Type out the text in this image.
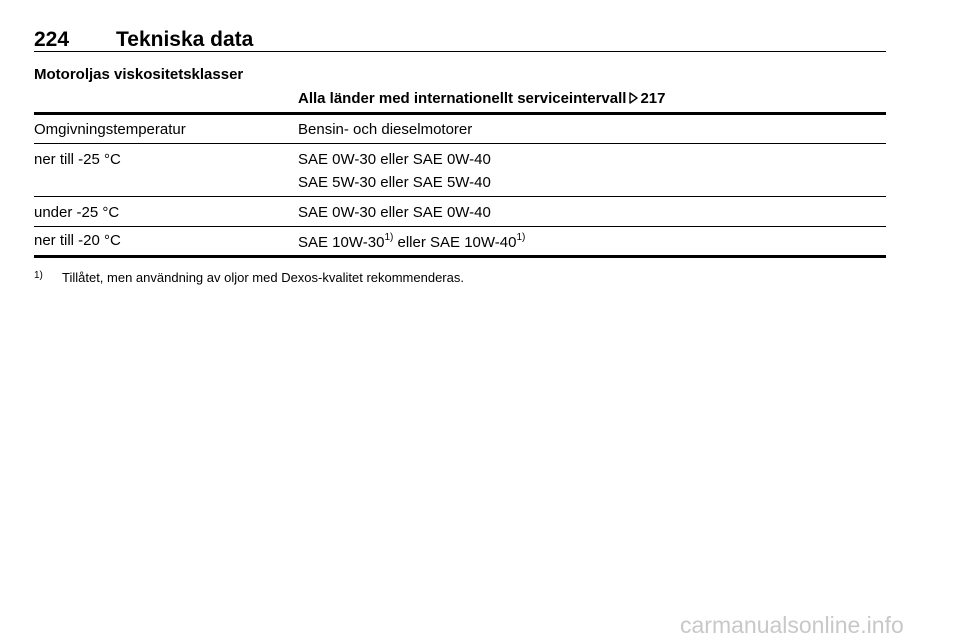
224 Tekniska data
Motoroljas viskositetsklasser
Alla länder med internationellt serviceintervall 217
Omgivningstemperatur	Bensin- och dieselmotorer
ner till -25 °C	SAE 0W-30 eller SAE 0W-40
SAE 5W-30 eller SAE 5W-40
under -25 °C	SAE 0W-30 eller SAE 0W-40
ner till -20 °C	SAE 10W-30$^{1)}$ eller SAE 10W-40$^{1)}$
1) Tillåtet, men användning av oljor med Dexos-kvalitet rekommenderas.
carmanualsonline.info
